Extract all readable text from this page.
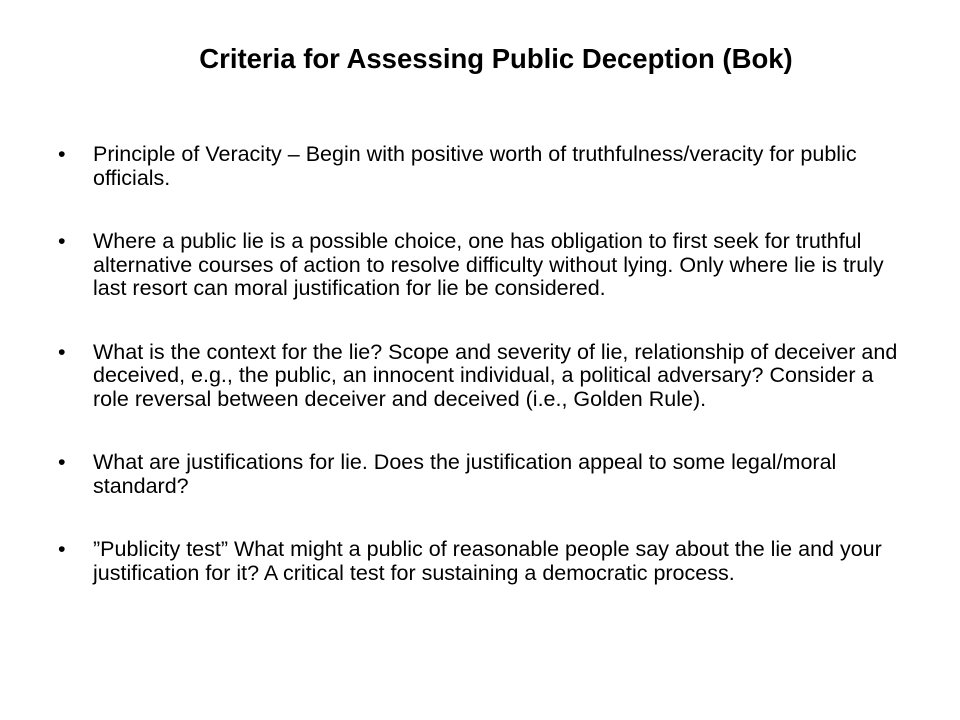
Criteria for Assessing Public Deception (Bok)
•	Principle of Veracity – Begin with positive worth of truthfulness/veracity for public officials.
•	Where a public lie is a possible choice, one has obligation to first seek for truthful alternative courses of action to resolve difficulty without lying. Only where lie is truly last resort can moral justification for lie be considered.
•	What is the context for the lie? Scope and severity of lie, relationship of deceiver and deceived, e.g., the public, an innocent individual, a political adversary? Consider a role reversal between deceiver and deceived (i.e., Golden Rule).
•	What are justifications for lie. Does the justification appeal to some legal/moral standard?
•	”Publicity test” What might a public of reasonable people say about the lie and your justification for it? A critical test for sustaining a democratic process.
